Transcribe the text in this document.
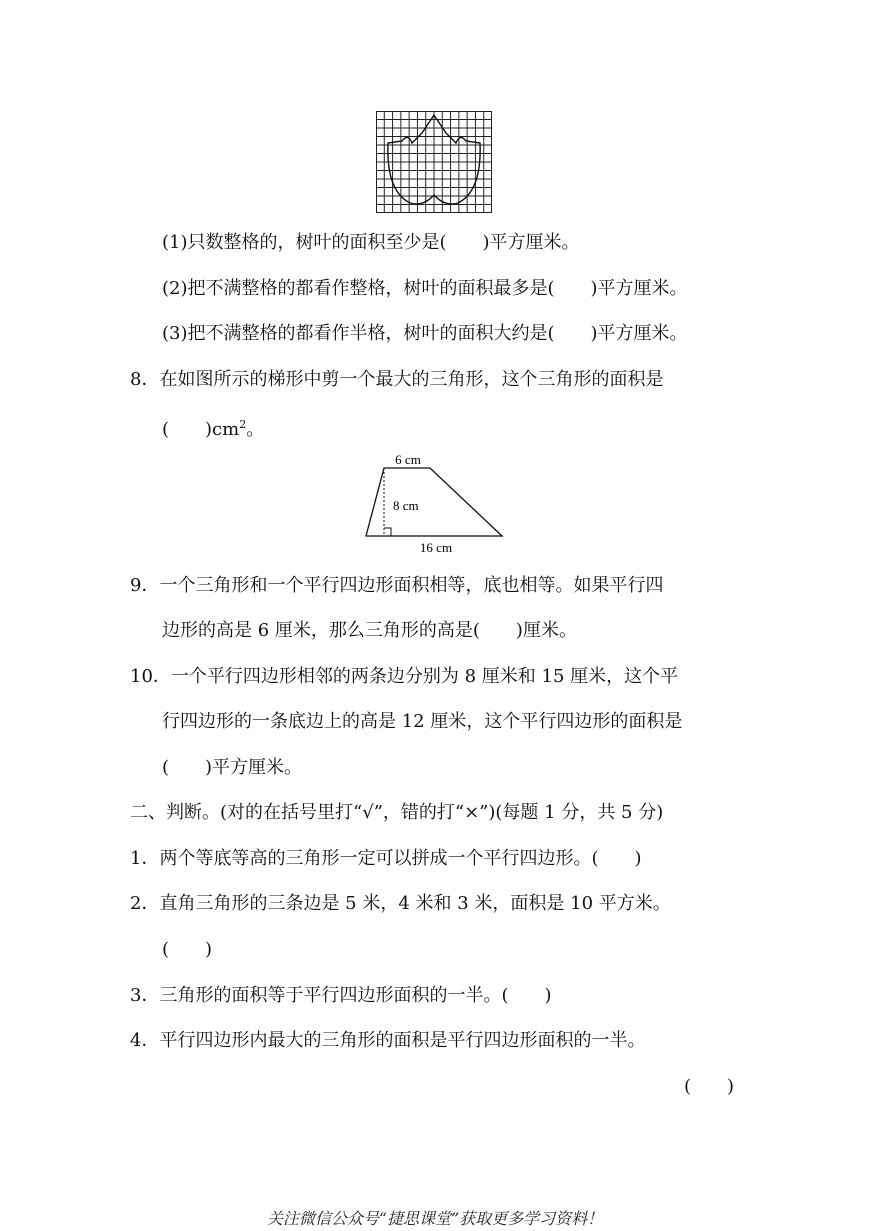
(1)只数整格的，树叶的面积至少是(　　)平方厘米。
(2)把不满整格的都看作整格，树叶的面积最多是(　　)平方厘米。
(3)把不满整格的都看作半格，树叶的面积大约是(　　)平方厘米。
8．在如图所示的梯形中剪一个最大的三角形，这个三角形的面积是
(　　)$cm^2$。
6 cm
8 cm
16 cm
9．一个三角形和一个平行四边形面积相等，底也相等。如果平行四
边形的高是 6 厘米，那么三角形的高是(　　)厘米。
10．一个平行四边形相邻的两条边分别为 8 厘米和 15 厘米，这个平
行四边形的一条底边上的高是 12 厘米，这个平行四边形的面积是
(　　)平方厘米。
二、判断。(对的在括号里打“√”，错的打“×”)(每题 1 分，共 5 分)
1．两个等底等高的三角形一定可以拼成一个平行四边形。(　　)
2．直角三角形的三条边是 5 米，4 米和 3 米，面积是 10 平方米。
(　　)
3．三角形的面积等于平行四边形面积的一半。(　　)
4．平行四边形内最大的三角形的面积是平行四边形面积的一半。
(　　)
关注微信公众号“捷思课堂”获取更多学习资料！
